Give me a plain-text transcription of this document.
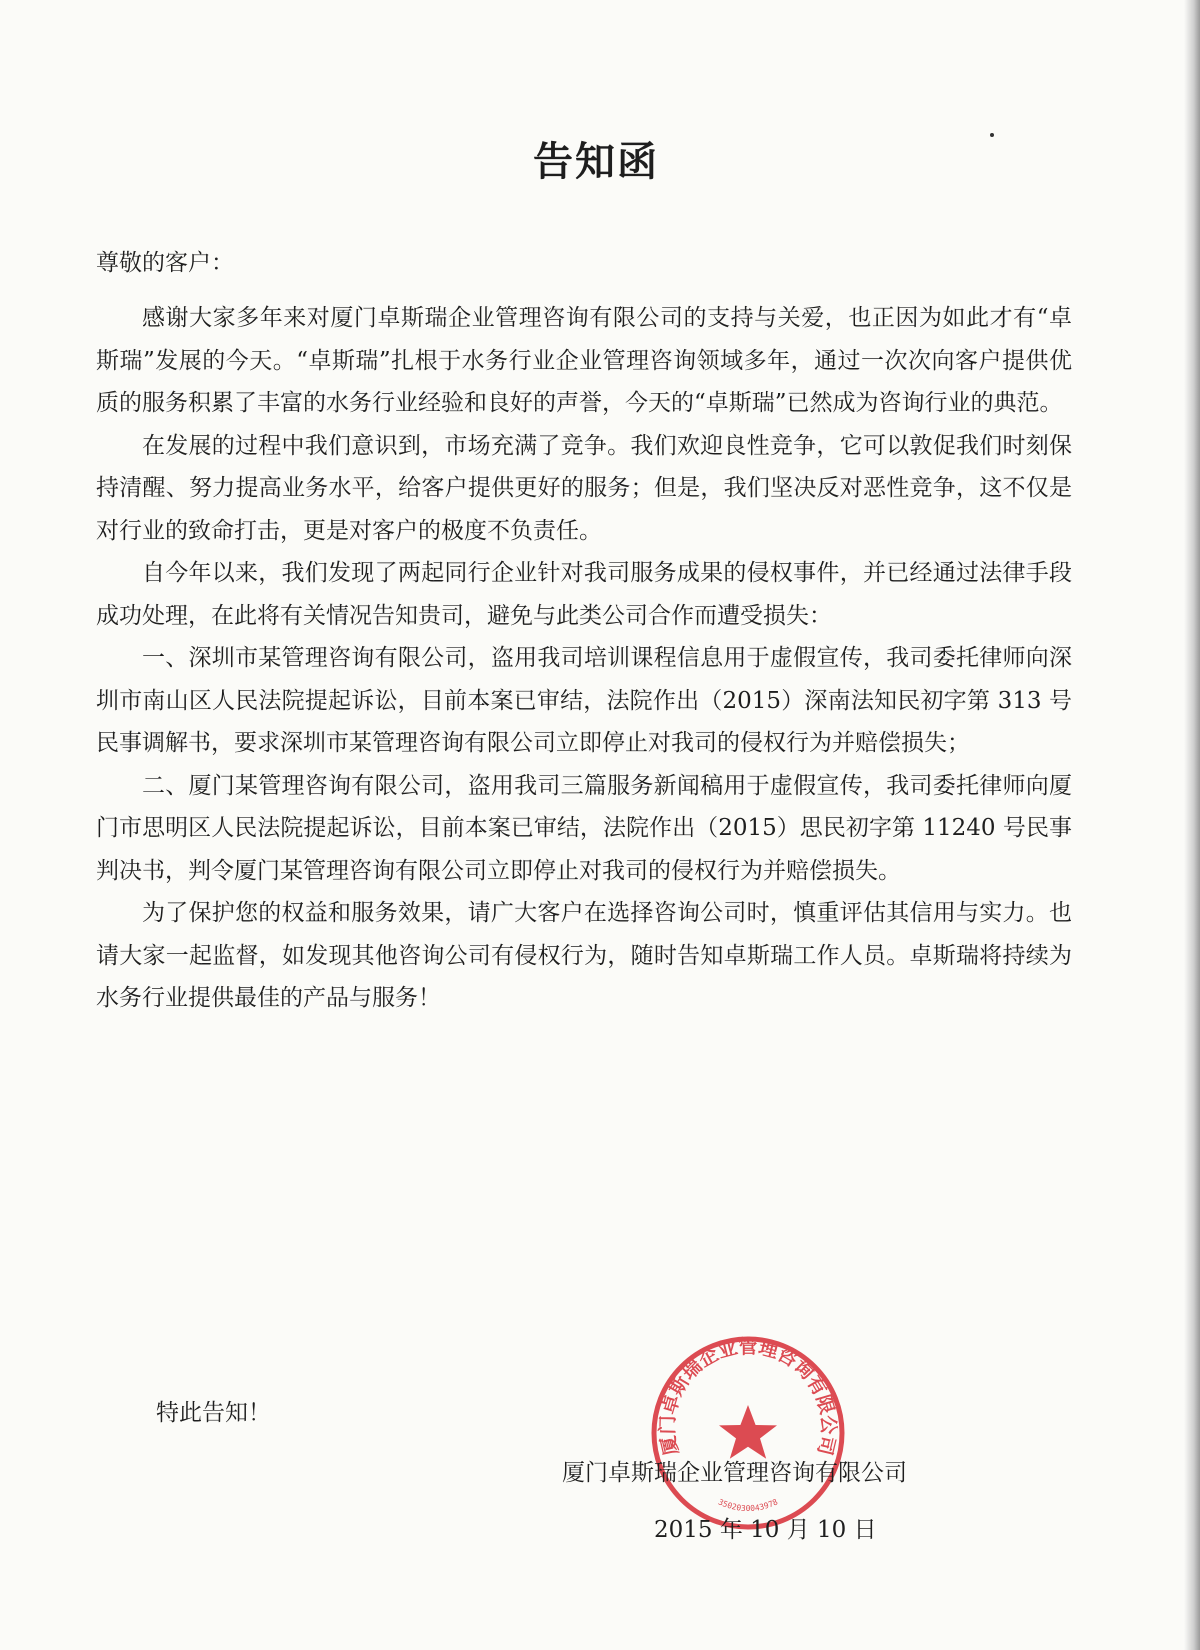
告知函
尊敬的客户：

感谢大家多年来对厦门卓斯瑞企业管理咨询有限公司的支持与关爱，也正因为如此才有“卓斯瑞”发展的今天。“卓斯瑞”扎根于水务行业企业管理咨询领域多年，通过一次次向客户提供优质的服务积累了丰富的水务行业经验和良好的声誉，今天的“卓斯瑞”已然成为咨询行业的典范。

在发展的过程中我们意识到，市场充满了竞争。我们欢迎良性竞争，它可以敦促我们时刻保持清醒、努力提高业务水平，给客户提供更好的服务；但是，我们坚决反对恶性竞争，这不仅是对行业的致命打击，更是对客户的极度不负责任。

自今年以来，我们发现了两起同行企业针对我司服务成果的侵权事件，并已经通过法律手段成功处理，在此将有关情况告知贵司，避免与此类公司合作而遭受损失：

一、深圳市某管理咨询有限公司，盗用我司培训课程信息用于虚假宣传，我司委托律师向深圳市南山区人民法院提起诉讼，目前本案已审结，法院作出（2015）深南法知民初字第 313 号民事调解书，要求深圳市某管理咨询有限公司立即停止对我司的侵权行为并赔偿损失；

二、厦门某管理咨询有限公司，盗用我司三篇服务新闻稿用于虚假宣传，我司委托律师向厦门市思明区人民法院提起诉讼，目前本案已审结，法院作出（2015）思民初字第 11240 号民事判决书，判令厦门某管理咨询有限公司立即停止对我司的侵权行为并赔偿损失。

为了保护您的权益和服务效果，请广大客户在选择咨询公司时，慎重评估其信用与实力。也请大家一起监督，如发现其他咨询公司有侵权行为，随时告知卓斯瑞工作人员。卓斯瑞将持续为水务行业提供最佳的产品与服务！

特此告知！
厦门卓斯瑞企业管理咨询有限公司
2015 年 10 月 10 日
厦门卓斯瑞企业管理咨询有限公司
3502030043978
